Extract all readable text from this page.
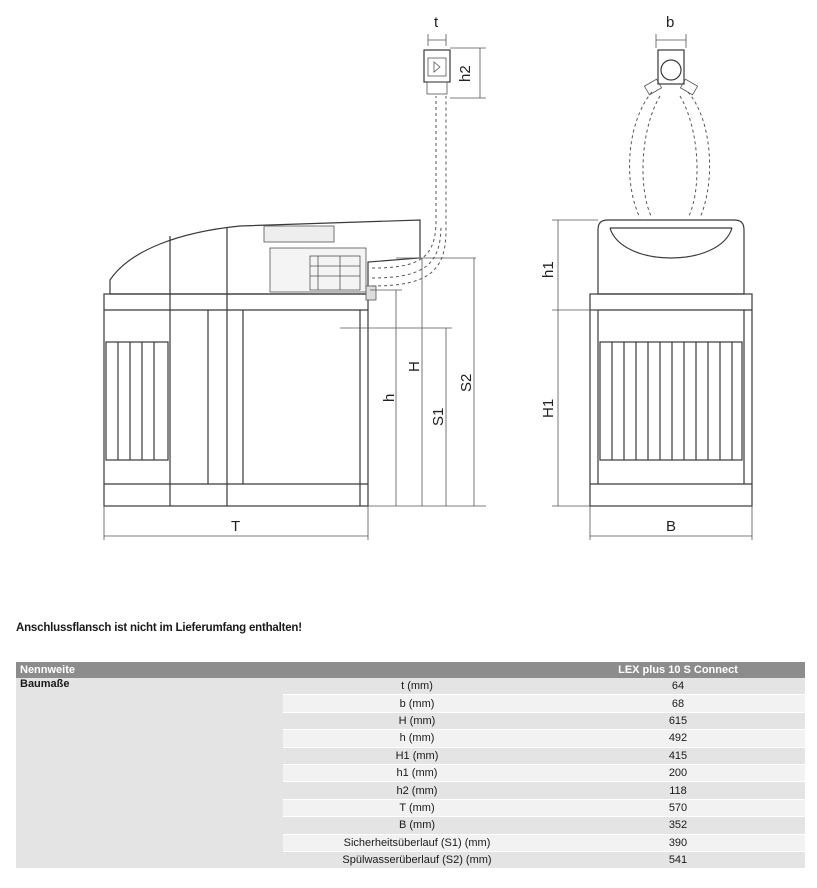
t	b
h2
h
H
S1
S2
h1
H1
T	B
Anschlussflansch ist nicht im Lieferumfang enthalten!
Nennweite		LEX plus 10 S Connect
Baumaße	t (mm)	64
	b (mm)	68
	H (mm)	615
	h (mm)	492
	H1 (mm)	415
	h1 (mm)	200
	h2 (mm)	118
	T (mm)	570
	B (mm)	352
	Sicherheitsüberlauf (S1) (mm)	390
	Spülwasserüberlauf (S2) (mm)	541
